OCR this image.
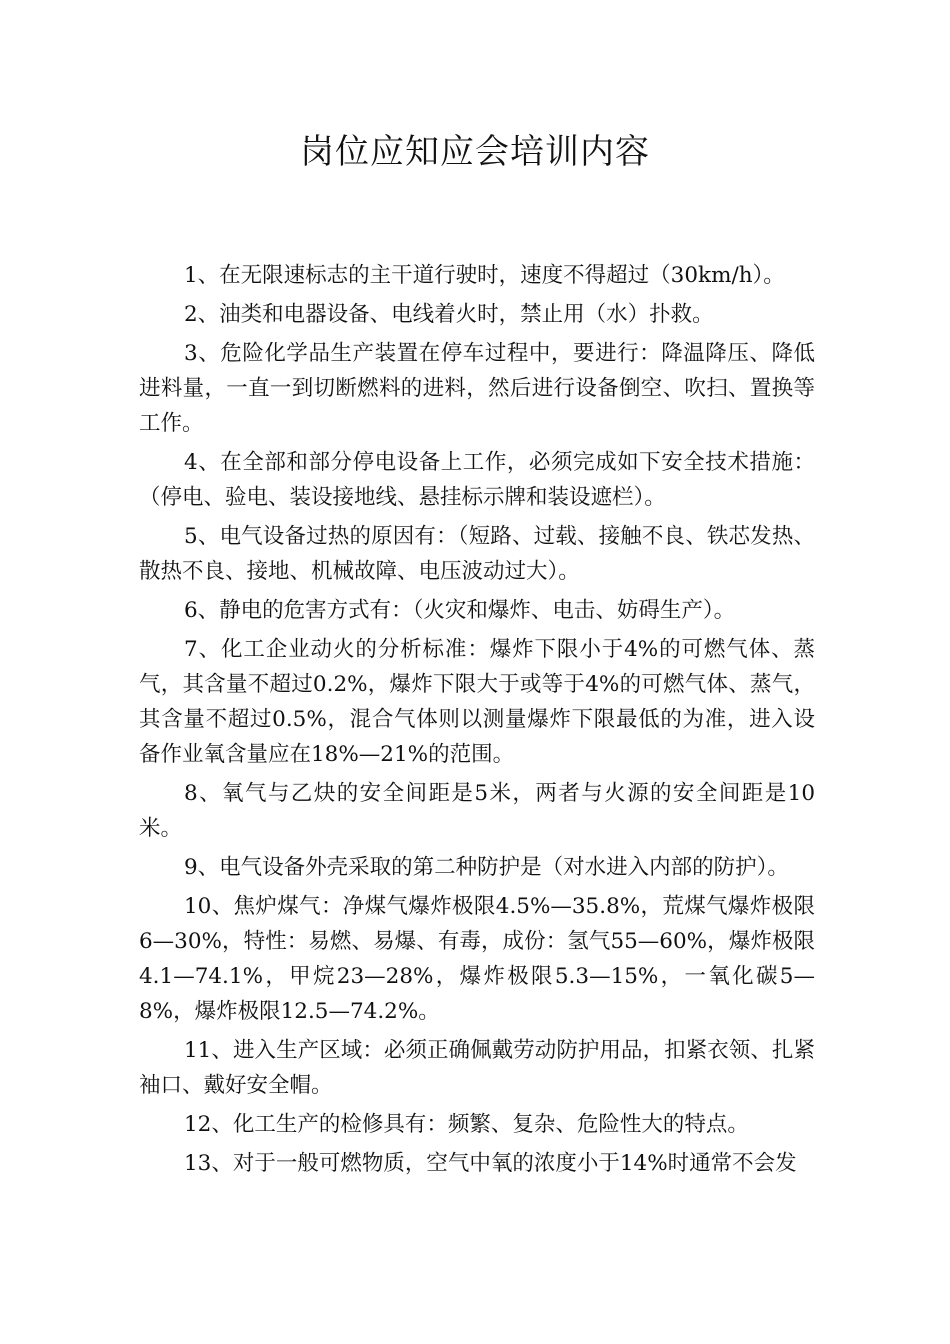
岗位应知应会培训内容

1、在无限速标志的主干道行驶时，速度不得超过（30km/h）。

2、油类和电器设备、电线着火时，禁止用（水）扑救。

3、危险化学品生产装置在停车过程中，要进行：降温降压、降低进料量，一直一到切断燃料的进料，然后进行设备倒空、吹扫、置换等工作。

4、在全部和部分停电设备上工作，必须完成如下安全技术措施：（停电、验电、装设接地线、悬挂标示牌和装设遮栏）。

5、电气设备过热的原因有：（短路、过载、接触不良、铁芯发热、散热不良、接地、机械故障、电压波动过大）。

6、静电的危害方式有：（火灾和爆炸、电击、妨碍生产）。

7、化工企业动火的分析标准：爆炸下限小于4%的可燃气体、蒸气，其含量不超过0.2%，爆炸下限大于或等于4%的可燃气体、蒸气，其含量不超过0.5%，混合气体则以测量爆炸下限最低的为准，进入设备作业氧含量应在18%—21%的范围。

8、氧气与乙炔的安全间距是5米，两者与火源的安全间距是10米。

9、电气设备外壳采取的第二种防护是（对水进入内部的防护）。

10、焦炉煤气：净煤气爆炸极限4.5%—35.8%，荒煤气爆炸极限6—30%，特性：易燃、易爆、有毒，成份：氢气55—60%，爆炸极限4.1—74.1%，甲烷23—28%，爆炸极限5.3—15%，一氧化碳5—8%，爆炸极限12.5—74.2%。

11、进入生产区域：必须正确佩戴劳动防护用品，扣紧衣领、扎紧袖口、戴好安全帽。

12、化工生产的检修具有：频繁、复杂、危险性大的特点。

13、对于一般可燃物质，空气中氧的浓度小于14%时通常不会发
